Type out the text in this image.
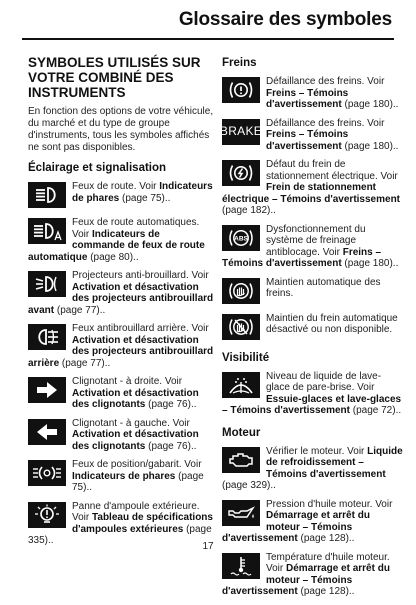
Glossaire des symboles
SYMBOLES UTILISÉS SUR VOTRE COMBINÉ DES INSTRUMENTS
En fonction des options de votre véhicule, du marché et du type de groupe d'instruments, tous les symboles affichés ne sont pas disponibles.
Éclairage et signalisation
Feux de route. Voir Indicateurs de phares (page 75)..
Feux de route automatiques. Voir Indicateurs de commande de feux de route automatique (page 80)..
Projecteurs anti-brouillard. Voir Activation et désactivation des projecteurs antibrouillard avant (page 77)..
Feux antibrouillard arrière. Voir Activation et désactivation des projecteurs antibrouillard arrière (page 77)..
Clignotant - à droite. Voir Activation et désactivation des clignotants (page 76)..
Clignotant - à gauche. Voir Activation et désactivation des clignotants (page 76)..
Feux de position/gabarit. Voir Indicateurs de phares (page 75)..
Panne d'ampoule extérieure. Voir Tableau de spécifications d'ampoules extérieures (page 335)..
Freins
Défaillance des freins. Voir Freins – Témoins d'avertissement (page 180)..
BRAKE
Défaillance des freins. Voir Freins – Témoins d'avertissement (page 180)..
Défaut du frein de stationnement électrique. Voir Frein de stationnement électrique – Témoins d'avertissement (page 182)..
ABS
Dysfonctionnement du système de freinage antiblocage. Voir Freins – Témoins d'avertissement (page 180)..
Maintien automatique des freins.
Maintien du frein automatique désactivé ou non disponible.
Visibilité
Niveau de liquide de lave-glace de pare-brise. Voir Essuie-glaces et lave-glaces – Témoins d'avertissement (page 72)..
Moteur
Vérifier le moteur. Voir Liquide de refroidissement – Témoins d'avertissement (page 329)..
Pression d'huile moteur. Voir Démarrage et arrêt du moteur – Témoins d'avertissement (page 128)..
Température d'huile moteur. Voir Démarrage et arrêt du moteur – Témoins d'avertissement (page 128)..
17
